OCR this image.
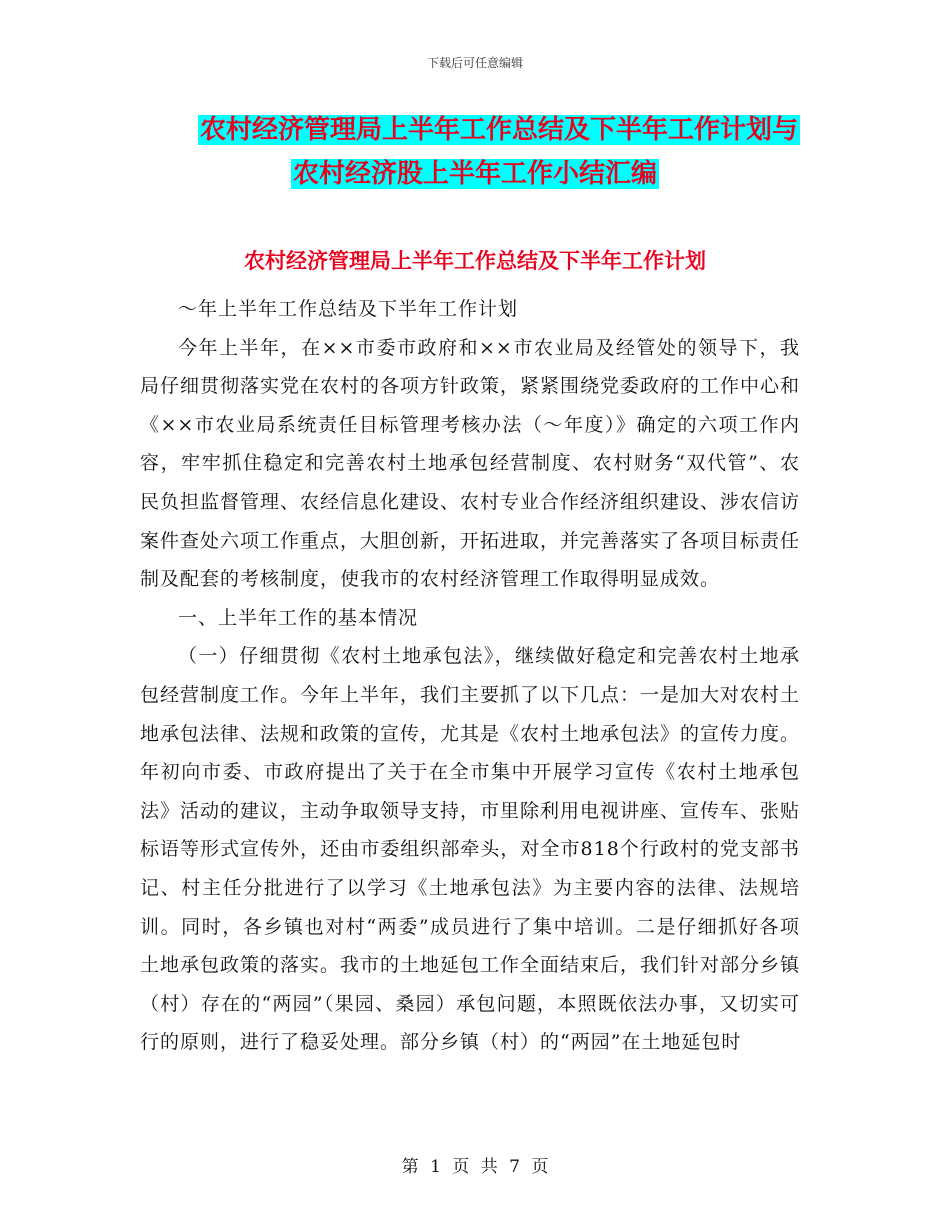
下载后可任意编辑
农村经济管理局上半年工作总结及下半年工作计划与
农村经济股上半年工作小结汇编
农村经济管理局上半年工作总结及下半年工作计划

～年上半年工作总结及下半年工作计划

今年上半年，在××市委市政府和××市农业局及经管处的领导下，我局仔细贯彻落实党在农村的各项方针政策，紧紧围绕党委政府的工作中心和《××市农业局系统责任目标管理考核办法（～年度）》确定的六项工作内容，牢牢抓住稳定和完善农村土地承包经营制度、农村财务“双代管”、农民负担监督管理、农经信息化建设、农村专业合作经济组织建设、涉农信访案件查处六项工作重点，大胆创新，开拓进取，并完善落实了各项目标责任制及配套的考核制度，使我市的农村经济管理工作取得明显成效。

一、上半年工作的基本情况

（一）仔细贯彻《农村土地承包法》，继续做好稳定和完善农村土地承包经营制度工作。今年上半年，我们主要抓了以下几点：一是加大对农村土地承包法律、法规和政策的宣传，尤其是《农村土地承包法》的宣传力度。年初向市委、市政府提出了关于在全市集中开展学习宣传《农村土地承包法》活动的建议，主动争取领导支持，市里除利用电视讲座、宣传车、张贴标语等形式宣传外，还由市委组织部牵头，对全市818个行政村的党支部书记、村主任分批进行了以学习《土地承包法》为主要内容的法律、法规培训。同时，各乡镇也对村“两委”成员进行了集中培训。二是仔细抓好各项土地承包政策的落实。我市的土地延包工作全面结束后，我们针对部分乡镇（村）存在的“两园”（果园、桑园）承包问题，本照既依法办事，又切实可行的原则，进行了稳妥处理。部分乡镇（村）的“两园”在土地延包时

第 1 页 共 7 页
